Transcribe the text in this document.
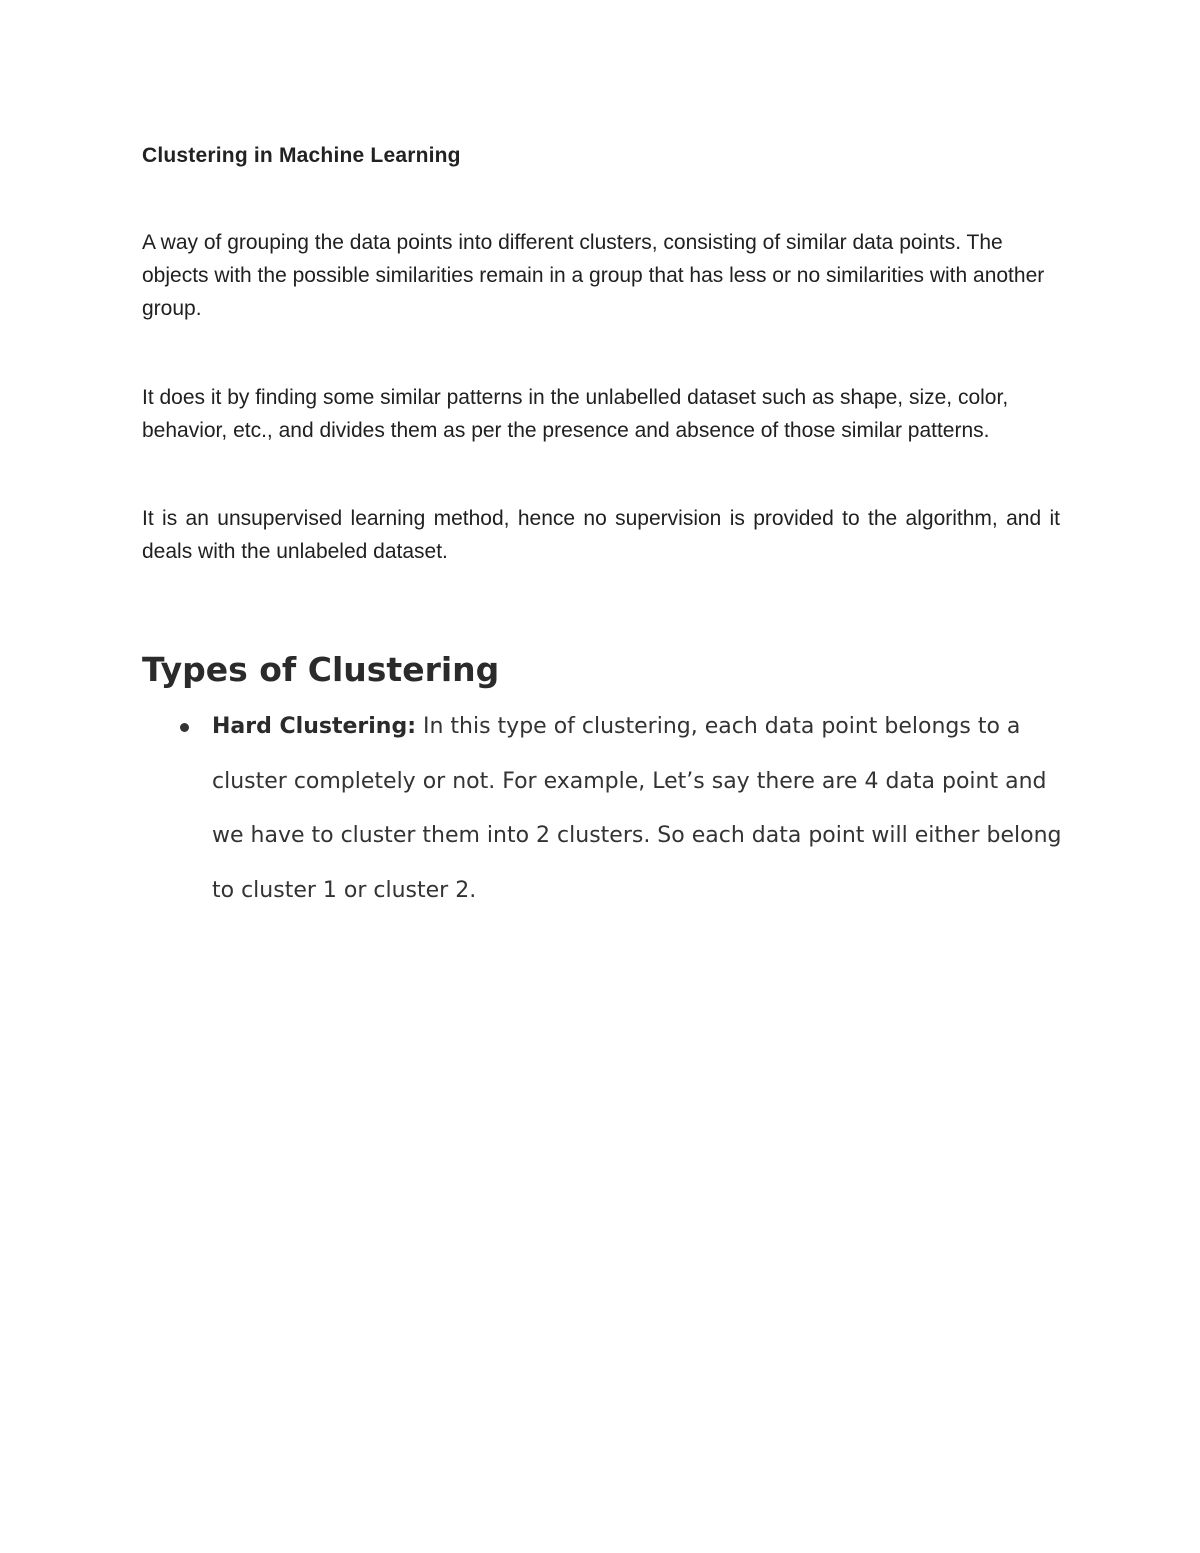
Clustering in Machine Learning

A way of grouping the data points into different clusters, consisting of similar data points. The objects with the possible similarities remain in a group that has less or no similarities with another group.

It does it by finding some similar patterns in the unlabelled dataset such as shape, size, color, behavior, etc., and divides them as per the presence and absence of those similar patterns.

It is an unsupervised learning method, hence no supervision is provided to the algorithm, and it deals with the unlabeled dataset.

Types of Clustering
Hard Clustering: In this type of clustering, each data point belongs to a cluster completely or not. For example, Let’s say there are 4 data point and we have to cluster them into 2 clusters. So each data point will either belong to cluster 1 or cluster 2.
